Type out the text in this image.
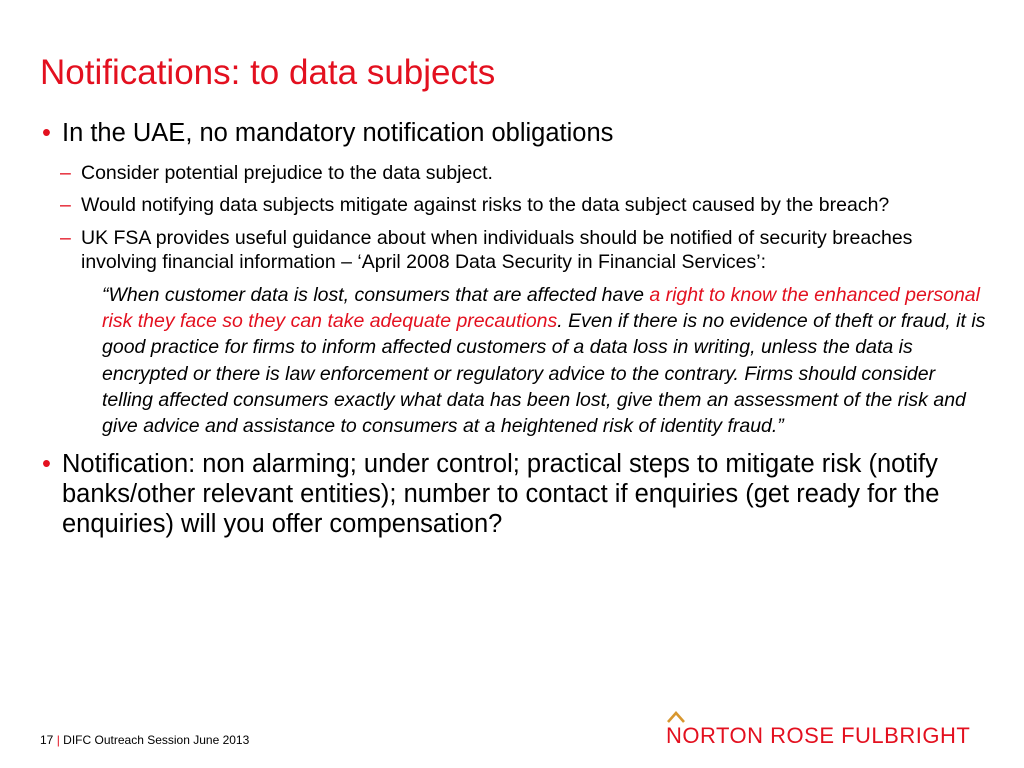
Notifications: to data subjects

• In the UAE, no mandatory notification obligations

– Consider potential prejudice to the data subject.

– Would notifying data subjects mitigate against risks to the data subject caused by the breach?

– UK FSA provides useful guidance about when individuals should be notified of security breaches involving financial information – ‘April 2008 Data Security in Financial Services’:

“When customer data is lost, consumers that are affected have a right to know the enhanced personal risk they face so they can take adequate precautions. Even if there is no evidence of theft or fraud, it is good practice for firms to inform affected customers of a data loss in writing, unless the data is encrypted or there is law enforcement or regulatory advice to the contrary. Firms should consider telling affected consumers exactly what data has been lost, give them an assessment of the risk and give advice and assistance to consumers at a heightened risk of identity fraud.”

• Notification: non alarming; under control; practical steps to mitigate risk (notify banks/other relevant entities); number to contact if enquiries (get ready for the enquiries) will you offer compensation?

17 | DIFC Outreach Session June 2013	NORTON ROSE FULBRIGHT
